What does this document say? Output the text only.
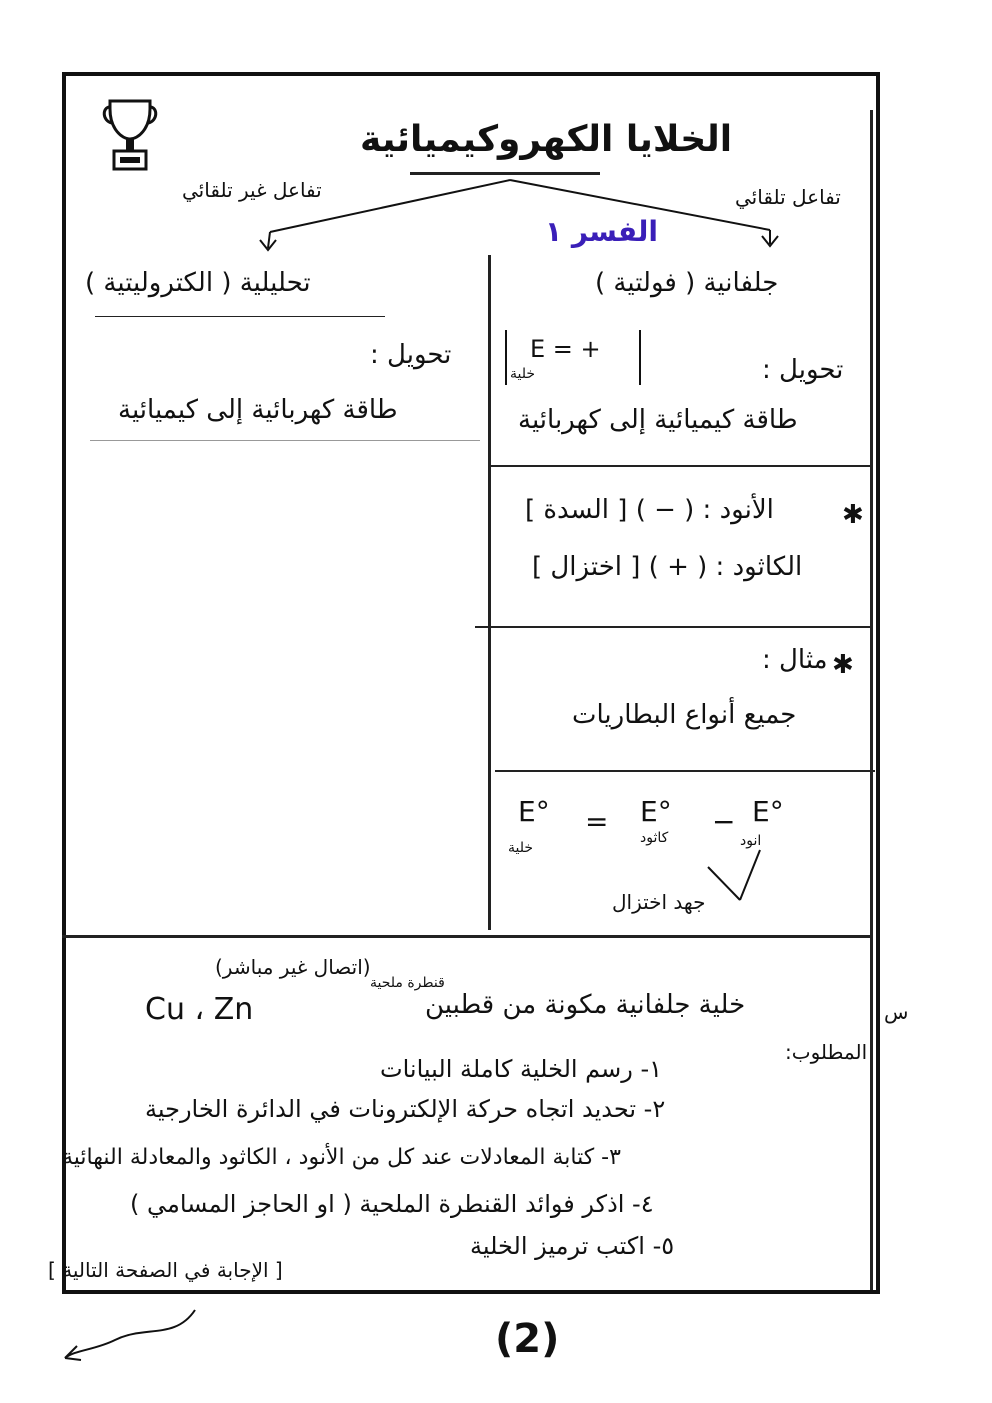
الخلايا الكهروكيميائية
تفاعل تلقائي
تفاعل غير تلقائي
الفسر ١
جلفانية ( فولتية )
تحليلية ( الكتروليتية )
E = +
خلية	تحويل :
طاقة كيميائية إلى كهربائية
تحويل :
طاقة كهربائية إلى كيميائية
الأنود : ( − ) [ السدة ]	✱
الكاثود : ( + ) [ اختزال ]
مثال : ✱
جميع أنواع البطاريات
E°
خلية
= E°
كاثود − E°
انود
جهد اختزال
س
(اتصال غير مباشر)
قنطرة ملحية
خلية جلفانية مكونة من قطبين
Cu ، Zn
المطلوب:
١- رسم الخلية كاملة البيانات
٢- تحديد اتجاه حركة الإلكترونات في الدائرة الخارجية
٣- كتابة المعادلات عند كل من الأنود ، الكاثود والمعادلة النهائية
٤- اذكر فوائد القنطرة الملحية ( او الحاجز المسامي )
٥- اكتب ترميز الخلية
[ الإجابة في الصفحة التالية ]
(2)
